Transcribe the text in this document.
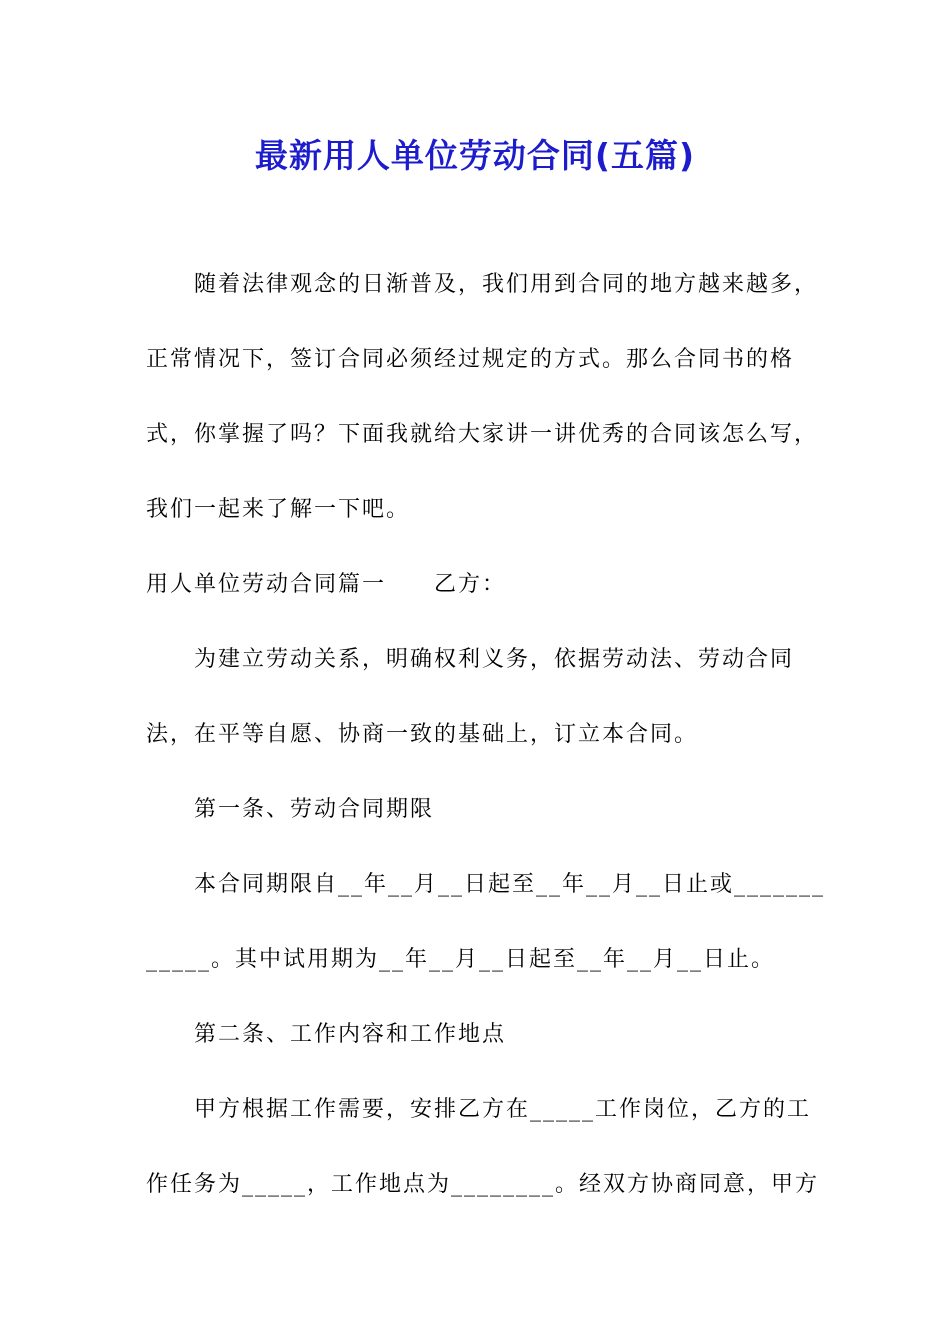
最新用人单位劳动合同(五篇)
随着法律观念的日渐普及，我们用到合同的地方越来越多，
正常情况下，签订合同必须经过规定的方式。那么合同书的格
式，你掌握了吗？下面我就给大家讲一讲优秀的合同该怎么写，
我们一起来了解一下吧。
用人单位劳动合同篇一 乙方：
为建立劳动关系，明确权利义务，依据劳动法、劳动合同
法，在平等自愿、协商一致的基础上，订立本合同。
第一条、劳动合同期限
本合同期限自__年__月__日起至__年__月__日止或_______
_____。其中试用期为__年__月__日起至__年__月__日止。
第二条、工作内容和工作地点
甲方根据工作需要，安排乙方在_____工作岗位，乙方的工
作任务为_____，工作地点为________。经双方协商同意，甲方
